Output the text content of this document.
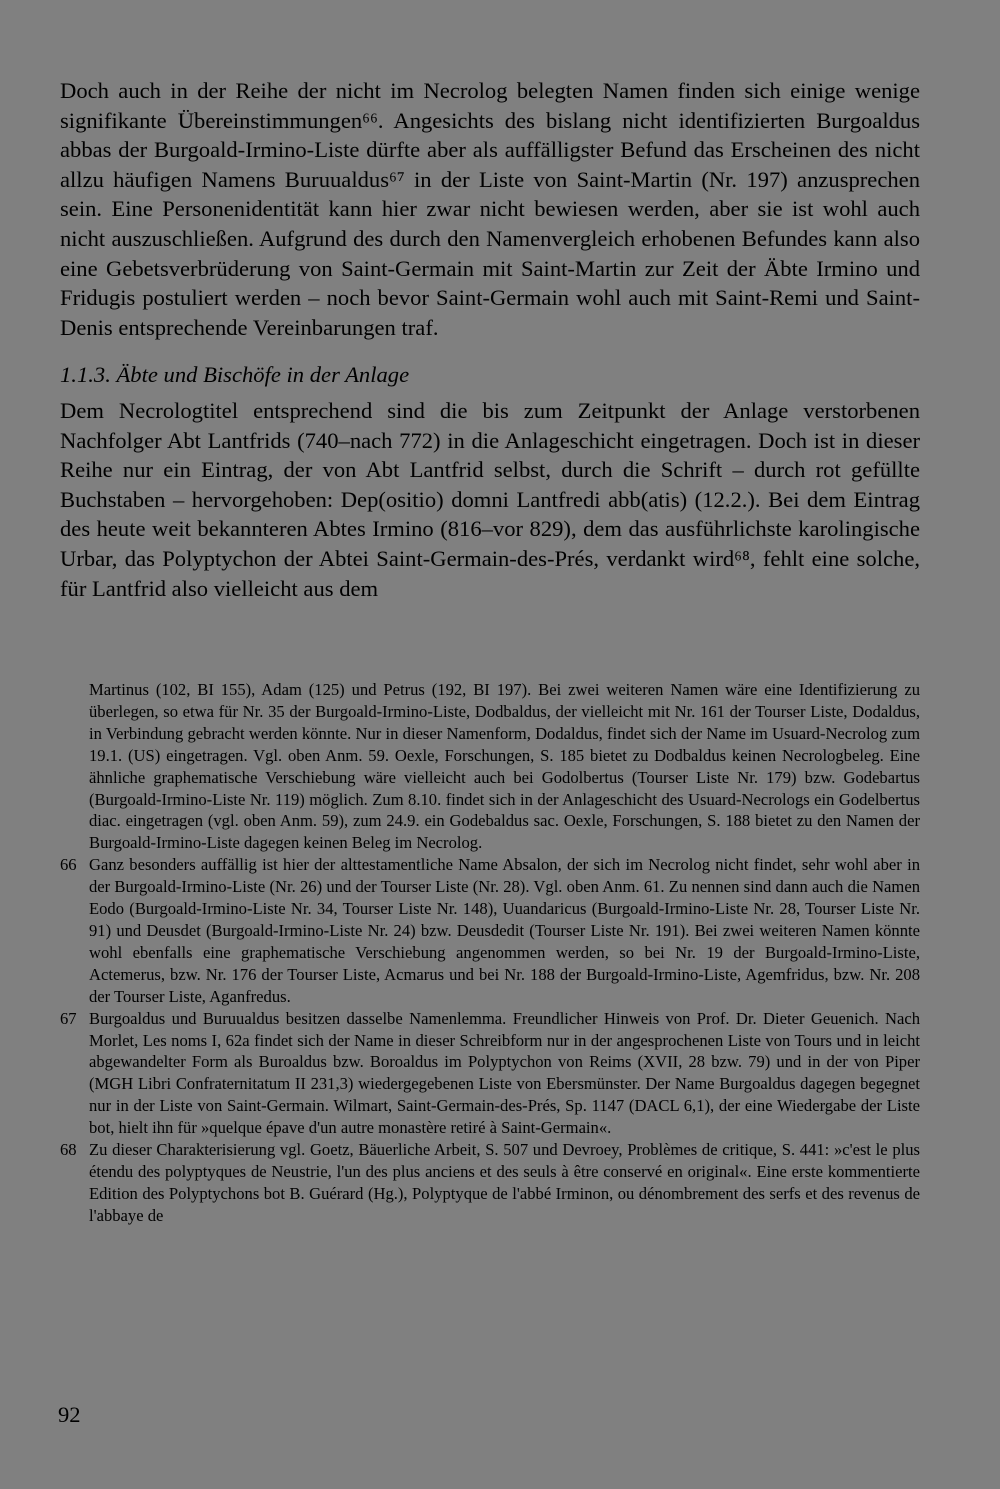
Doch auch in der Reihe der nicht im Necrolog belegten Namen finden sich einige wenige signifikante Übereinstimmungen⁶⁶. Angesichts des bislang nicht identifizierten Burgoaldus abbas der Burgoald-Irmino-Liste dürfte aber als auffälligster Befund das Erscheinen des nicht allzu häufigen Namens Buruualdus⁶⁷ in der Liste von Saint-Martin (Nr. 197) anzusprechen sein. Eine Personenidentität kann hier zwar nicht bewiesen werden, aber sie ist wohl auch nicht auszuschließen. Aufgrund des durch den Namenvergleich erhobenen Befundes kann also eine Gebetsverbrüderung von Saint-Germain mit Saint-Martin zur Zeit der Äbte Irmino und Fridugis postuliert werden – noch bevor Saint-Germain wohl auch mit Saint-Remi und Saint-Denis entsprechende Vereinbarungen traf.

1.1.3. Äbte und Bischöfe in der Anlage

Dem Necrologtitel entsprechend sind die bis zum Zeitpunkt der Anlage verstorbenen Nachfolger Abt Lantfrids (740–nach 772) in die Anlageschicht eingetragen. Doch ist in dieser Reihe nur ein Eintrag, der von Abt Lantfrid selbst, durch die Schrift – durch rot gefüllte Buchstaben – hervorgehoben: Dep(ositio) domni Lantfredi abb(atis) (12.2.). Bei dem Eintrag des heute weit bekannteren Abtes Irmino (816–vor 829), dem das ausführlichste karolingische Urbar, das Polyptychon der Abtei Saint-Germain-des-Prés, verdankt wird⁶⁸, fehlt eine solche, für Lantfrid also vielleicht aus dem

Martinus (102, BI 155), Adam (125) und Petrus (192, BI 197). Bei zwei weiteren Namen wäre eine Identifizierung zu überlegen, so etwa für Nr. 35 der Burgoald-Irmino-Liste, Dodbaldus, der vielleicht mit Nr. 161 der Tourser Liste, Dodaldus, in Verbindung gebracht werden könnte. Nur in dieser Namenform, Dodaldus, findet sich der Name im Usuard-Necrolog zum 19.1. (US) eingetragen. Vgl. oben Anm. 59. Oexle, Forschungen, S. 185 bietet zu Dodbaldus keinen Necrologbeleg. Eine ähnliche graphematische Verschiebung wäre vielleicht auch bei Godolbertus (Tourser Liste Nr. 179) bzw. Godebartus (Burgoald-Irmino-Liste Nr. 119) möglich. Zum 8.10. findet sich in der Anlageschicht des Usuard-Necrologs ein Godelbertus diac. eingetragen (vgl. oben Anm. 59), zum 24.9. ein Godebaldus sac. Oexle, Forschungen, S. 188 bietet zu den Namen der Burgoald-Irmino-Liste dagegen keinen Beleg im Necrolog.

66 Ganz besonders auffällig ist hier der alttestamentliche Name Absalon, der sich im Necrolog nicht findet, sehr wohl aber in der Burgoald-Irmino-Liste (Nr. 26) und der Tourser Liste (Nr. 28). Vgl. oben Anm. 61. Zu nennen sind dann auch die Namen Eodo (Burgoald-Irmino-Liste Nr. 34, Tourser Liste Nr. 148), Uuandaricus (Burgoald-Irmino-Liste Nr. 28, Tourser Liste Nr. 91) und Deusdet (Burgoald-Irmino-Liste Nr. 24) bzw. Deusdedit (Tourser Liste Nr. 191). Bei zwei weiteren Namen könnte wohl ebenfalls eine graphematische Verschiebung angenommen werden, so bei Nr. 19 der Burgoald-Irmino-Liste, Actemerus, bzw. Nr. 176 der Tourser Liste, Acmarus und bei Nr. 188 der Burgoald-Irmino-Liste, Agemfridus, bzw. Nr. 208 der Tourser Liste, Aganfredus.

67 Burgoaldus und Buruualdus besitzen dasselbe Namenlemma. Freundlicher Hinweis von Prof. Dr. Dieter Geuenich. Nach Morlet, Les noms I, 62a findet sich der Name in dieser Schreibform nur in der angesprochenen Liste von Tours und in leicht abgewandelter Form als Buroaldus bzw. Boroaldus im Polyptychon von Reims (XVII, 28 bzw. 79) und in der von Piper (MGH Libri Confraternitatum II 231,3) wiedergegebenen Liste von Ebersmünster. Der Name Burgoaldus dagegen begegnet nur in der Liste von Saint-Germain. Wilmart, Saint-Germain-des-Prés, Sp. 1147 (DACL 6,1), der eine Wiedergabe der Liste bot, hielt ihn für »quelque épave d'un autre monastère retiré à Saint-Germain«.

68 Zu dieser Charakterisierung vgl. Goetz, Bäuerliche Arbeit, S. 507 und Devroey, Problèmes de critique, S. 441: »c'est le plus étendu des polyptyques de Neustrie, l'un des plus anciens et des seuls à être conservé en original«. Eine erste kommentierte Edition des Polyptychons bot B. Guérard (Hg.), Polyptyque de l'abbé Irminon, ou dénombrement des serfs et des revenus de l'abbaye de

92
